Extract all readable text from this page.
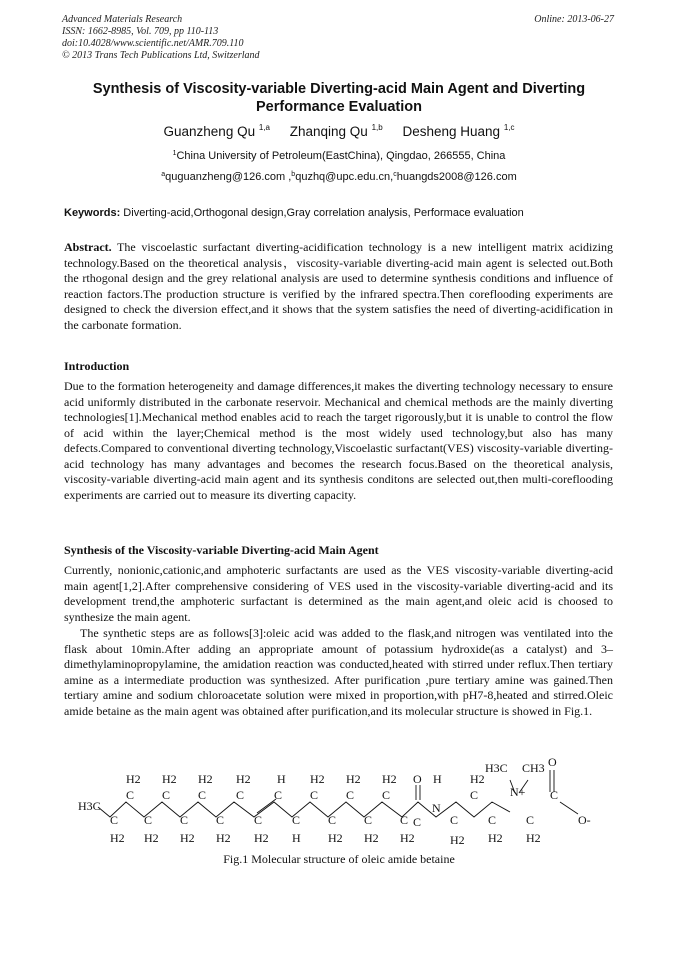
Advanced Materials Research
ISSN: 1662-8985, Vol. 709, pp 110-113
doi:10.4028/www.scientific.net/AMR.709.110
© 2013 Trans Tech Publications Ltd, Switzerland
Online: 2013-06-27
Synthesis of Viscosity-variable Diverting-acid Main Agent and Diverting Performance Evaluation
Guanzheng Qu $^{1,a}$ Zhanqing Qu $^{1,b}$ Desheng Huang $^{1,c}$
$^1$China University of Petroleum(EastChina), Qingdao, 266555, China
$^a$quguanzheng@126.com ,$^b$quzhq@upc.edu.cn,$^c$huangds2008@126.com
Keywords: Diverting-acid,Orthogonal design,Gray correlation analysis, Performace evaluation
Abstract. The viscoelastic surfactant diverting-acidification technology is a new intelligent matrix acidizing technology.Based on the theoretical analysis，viscosity-variable diverting-acid main agent is selected out.Both the rthogonal design and the grey relational analysis are used to determine synthesis conditions and influence of reaction factors.The production structure is verified by the infrared spectra.Then coreflooding experiments are designed to check the diversion effect,and it shows that the system satisfies the need of diverting-acidification in the carbonate formation.
Introduction
Due to the formation heterogeneity and damage differences,it makes the diverting technology necessary to ensure acid uniformly distributed in the carbonate reservoir. Mechanical and chemical methods are the mainly diverting technologies[1].Mechanical method enables acid to reach the target rigorously,but it is unable to control the flow of acid within the layer;Chemical method is the most widely used technology,but also has many defects.Compared to conventional diverting technology,Viscoelastic surfactant(VES) viscosity-variable diverting-acid technology has many advantages and becomes the research focus.Based on the theoretical analysis, viscosity-variable diverting-acid main agent and its synthesis conditons are selected out,then multi-coreflooding experiments are carried out to measure its diverting capacity.
Synthesis of the Viscosity-variable Diverting-acid Main Agent
Currently, nonionic,cationic,and amphoteric surfactants are used as the VES viscosity-variable diverting-acid main agent[1,2].After comprehensive considering of VES used in the viscosity-variable diverting-acid and its development trend,the amphoteric surfactant is determined as the main agent,and oleic acid is choosed to synthesize the main agent.
The synthetic steps are as follows[3]:oleic acid was added to the flask,and nitrogen was ventilated into the flask about 10min.After adding an appropriate amount of potassium hydroxide(as a catalyst) and 3–dimethylaminopropylamine, the amidation reaction was conducted,heated with stirred under reflux.Then tertiary amine as a intermediate production was synthesized. After purification ,pure tertiary amine was gained.Then tertiary amine and sodium chloroacetate solution were mixed in proportion,with pH7-8,heated and stirred.Oleic amide betaine as the main agent was obtained after purification,and its molecular structure is showed in Fig.1.
H3C
C
H2
C
H2
C
H2
C
H2
C
H2
C
H2
C
H2
C
H2
C
H2
C
H
C
H
C
H2
C
H2
C
H2
C
H2
C
H2
C
H2
O
C
H
N
C
H2
C
H2
C
H2
N+
H3C CH3
C
H2
O
C
O-
Fig.1 Molecular structure of oleic amide betaine
